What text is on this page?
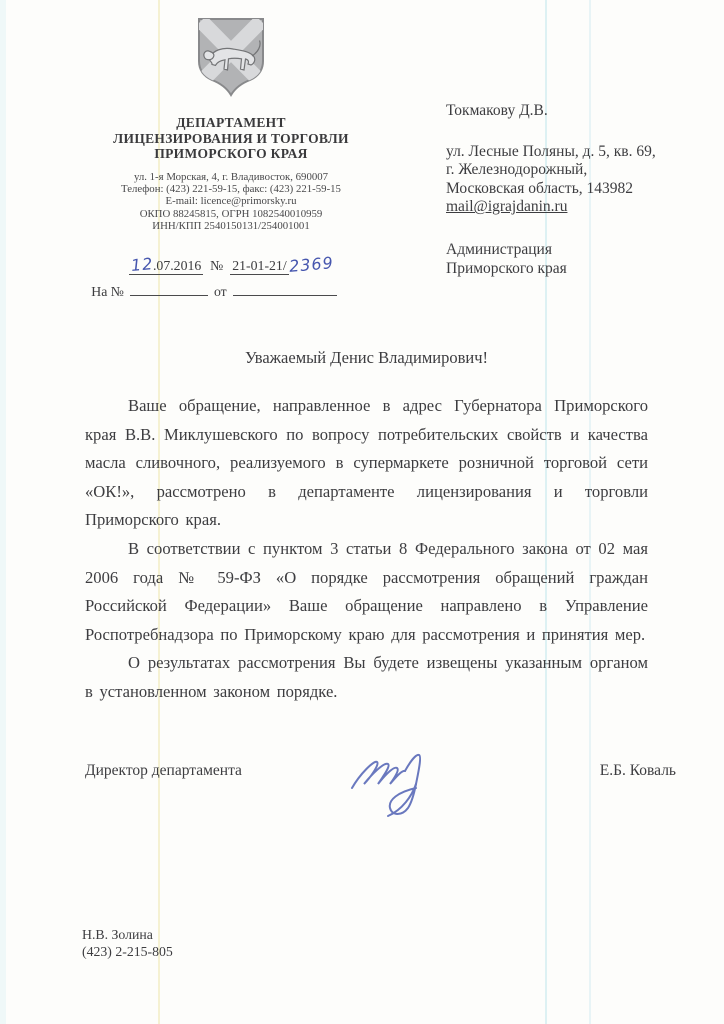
ДЕПАРТАМЕНТ
ЛИЦЕНЗИРОВАНИЯ И ТОРГОВЛИ
ПРИМОРСКОГО КРАЯ
ул. 1-я Морская, 4, г. Владивосток, 690007
Телефон: (423) 221-59-15, факс: (423) 221-59-15
E-mail: licence@primorsky.ru
ОКПО 88245815, ОГРН 1082540010959
ИНН/КПП 2540150131/254001001
12.07.2016 № 21-01-21/2369
На №	от
Токмакову Д.В.
ул. Лесные Поляны, д. 5, кв. 69,
г. Железнодорожный,
Московская область, 143982
mail@igrajdanin.ru
Администрация
Приморского края
Уважаемый Денис Владимирович!

Ваше обращение, направленное в адрес Губернатора Приморского края В.В. Миклушевского по вопросу потребительских свойств и качества масла сливочного, реализуемого в супермаркете розничной торговой сети «ОК!», рассмотрено в департаменте лицензирования и торговли Приморского края.

В соответствии с пунктом 3 статьи 8 Федерального закона от 02 мая 2006 года № 59-ФЗ «О порядке рассмотрения обращений граждан Российской Федерации» Ваше обращение направлено в Управление Роспотребнадзора по Приморскому краю для рассмотрения и принятия мер.

О результатах рассмотрения Вы будете извещены указанным органом в установленном законом порядке.

Директор департамента	Е.Б. Коваль
Н.В. Золина
(423) 2-215-805
